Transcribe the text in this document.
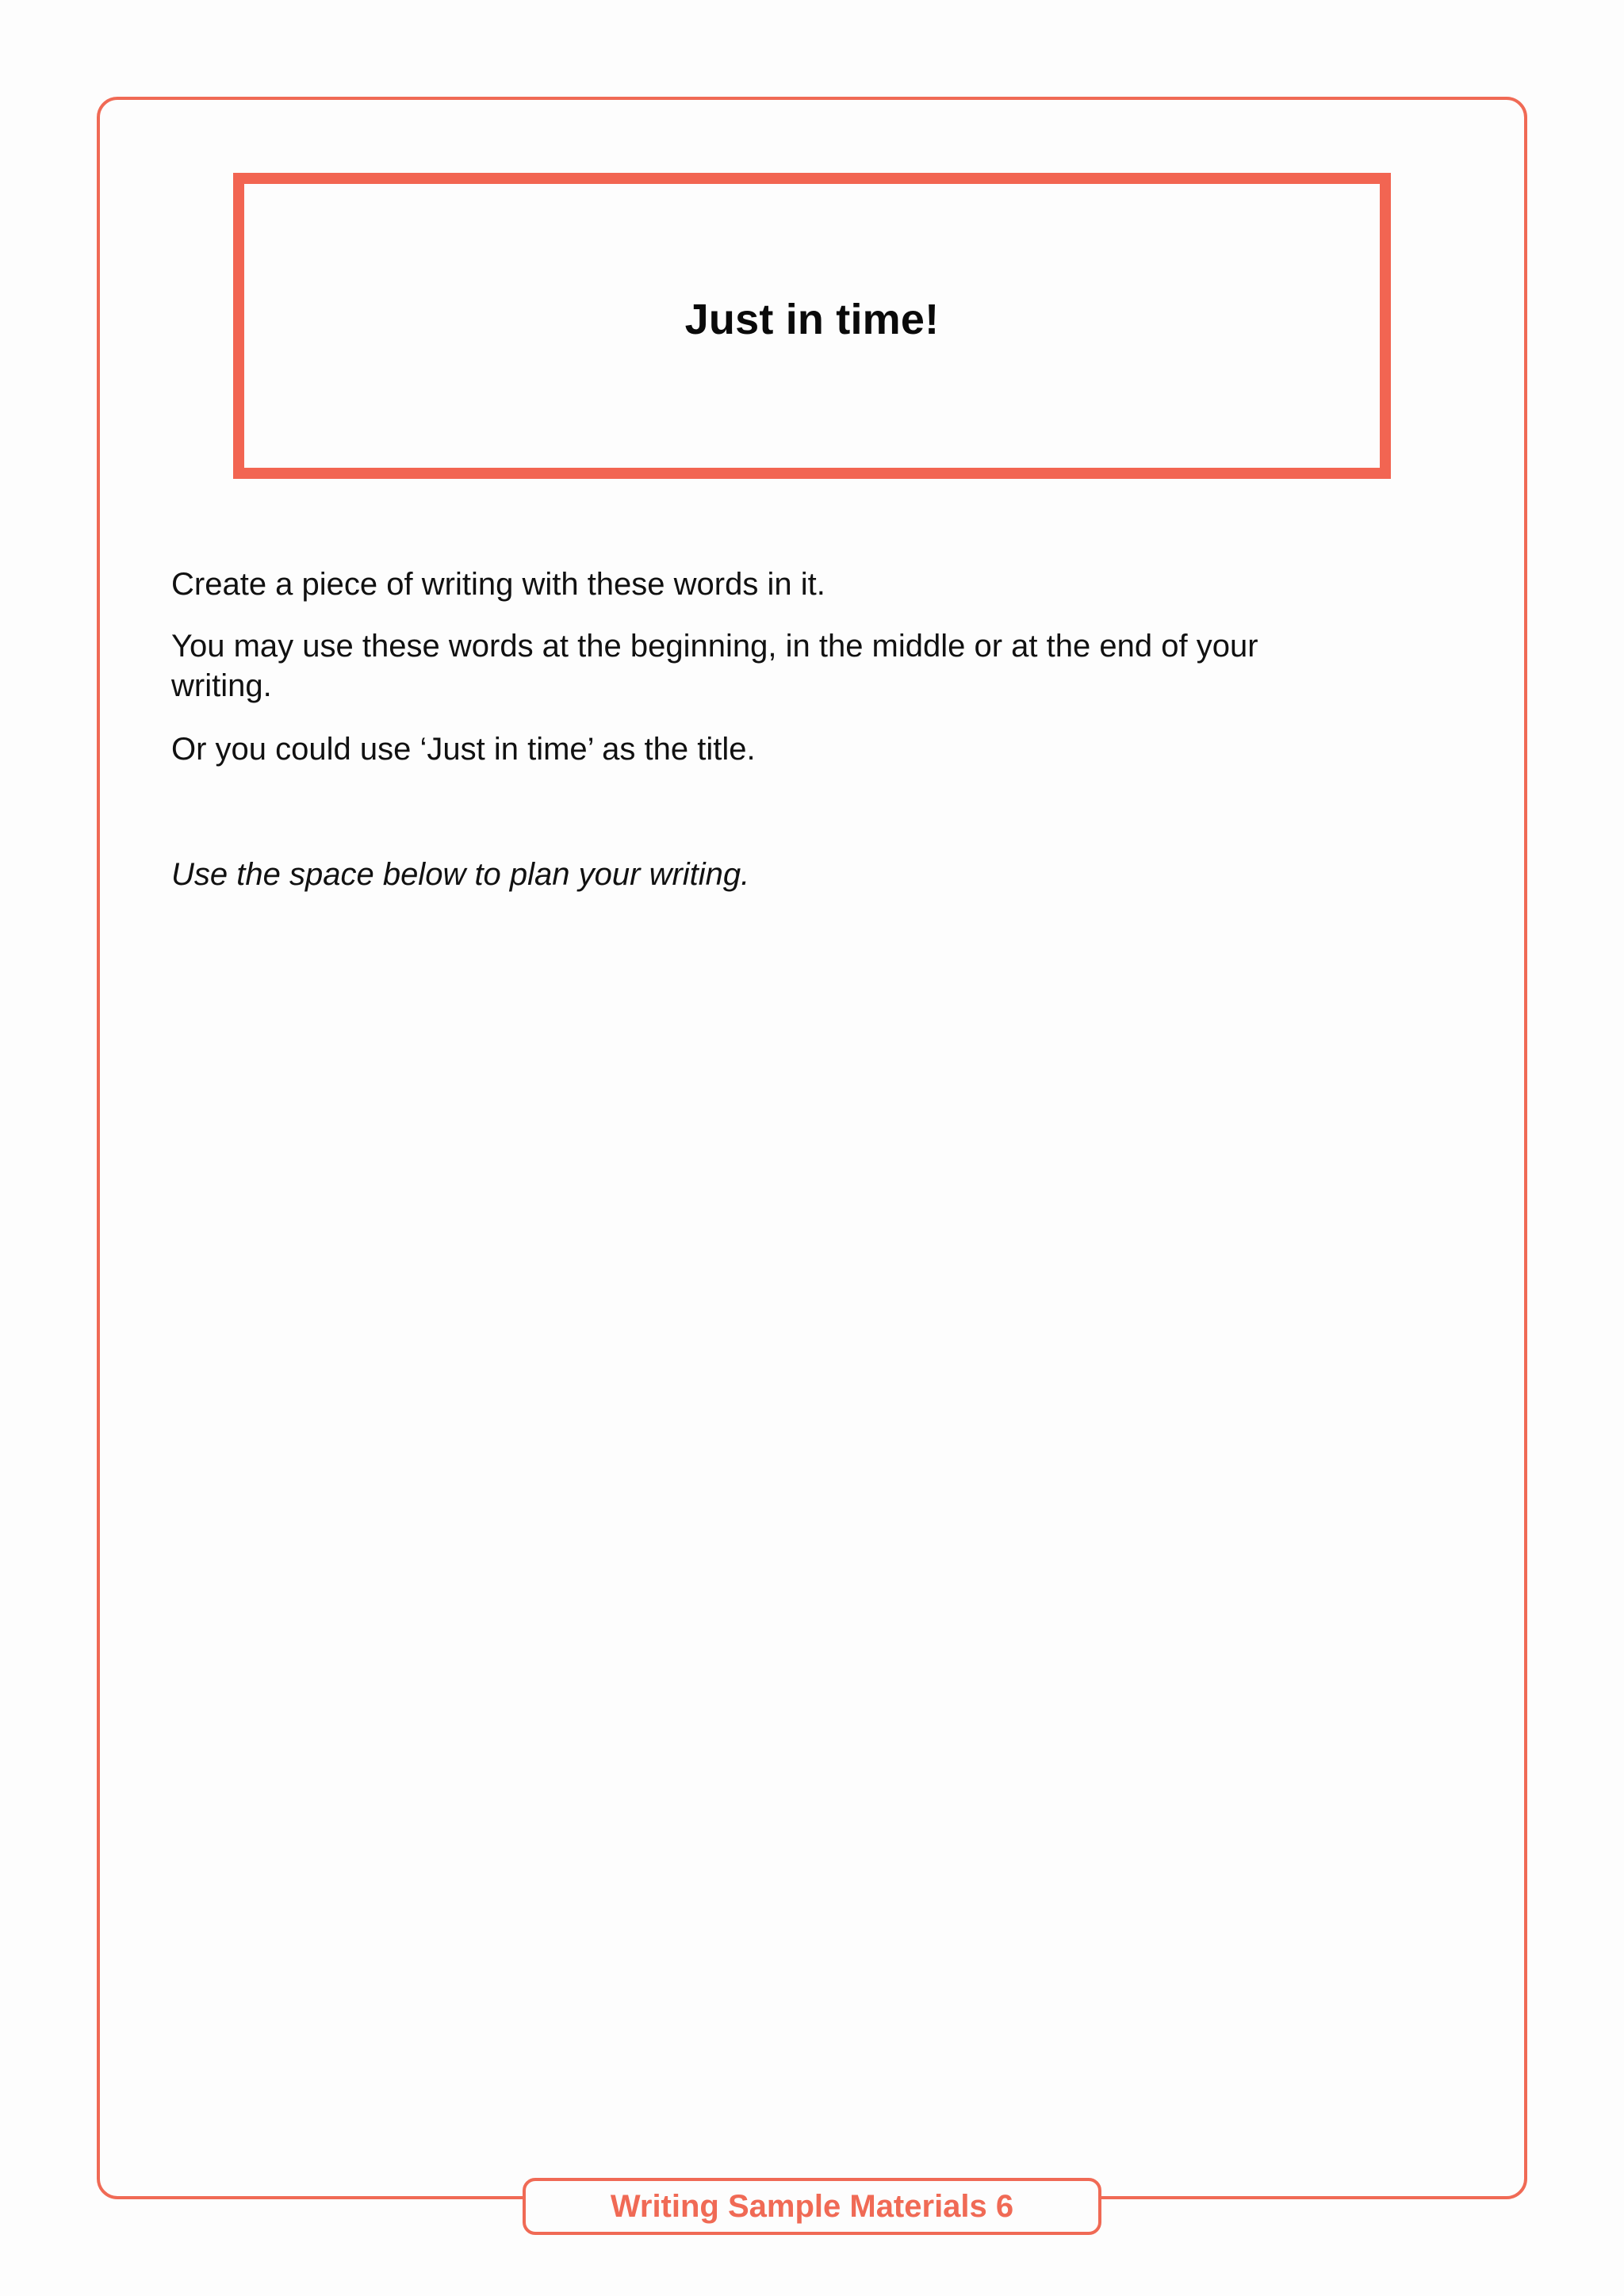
Just in time!

Create a piece of writing with these words in it.

You may use these words at the beginning, in the middle or at the end of your writing.

Or you could use ‘Just in time’ as the title.

Use the space below to plan your writing.

Writing Sample Materials 6
